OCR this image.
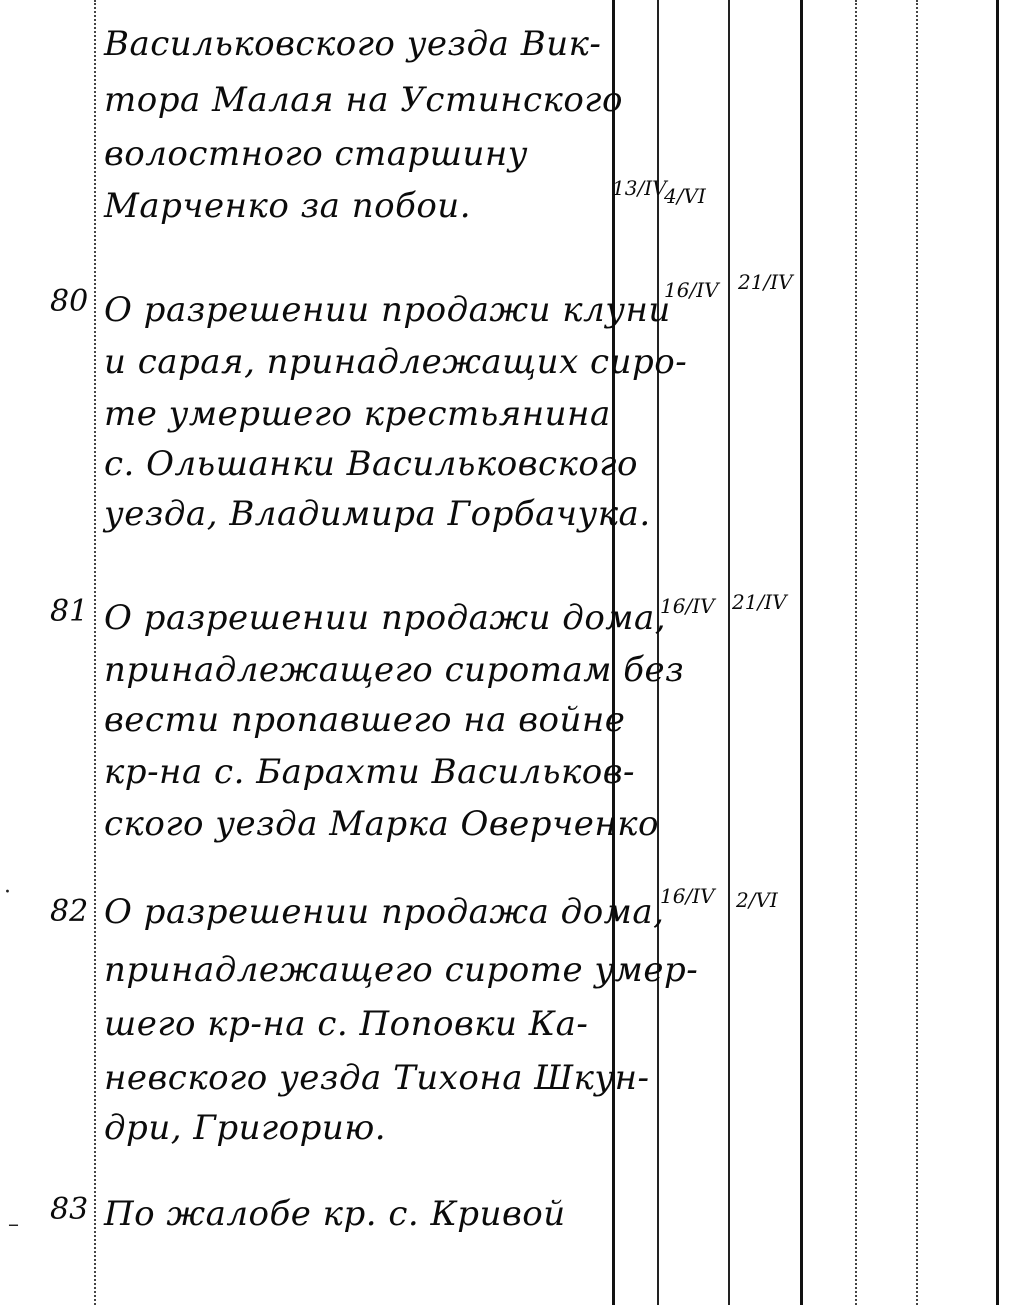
Васильковского уезда Вик-
тора Малая на Устинского
волостного старшину
Марченко за побои.	13/IV
4/VI
80 О разрешении продажи клуни
и сарая, принадлежащих сиро-
те умершего крестьянина
с. Ольшанки Васильковского
уезда, Владимира Горбачука.
16/IV 21/IV
81 О разрешении продажи дома,
принадлежащего сиротам без
вести пропавшего на войне
кр-на с. Барахти Васильков-
ского уезда Марка Оверченко
16/IV 21/IV
82 О разрешении продажа дома,
принадлежащего сироте умер-
шего кр-на с. Поповки Ка-
невского уезда Тихона Шкун-
дри, Григорию.
16/IV 2/VI
83 По жалобе кр. с. Кривой
·
–
